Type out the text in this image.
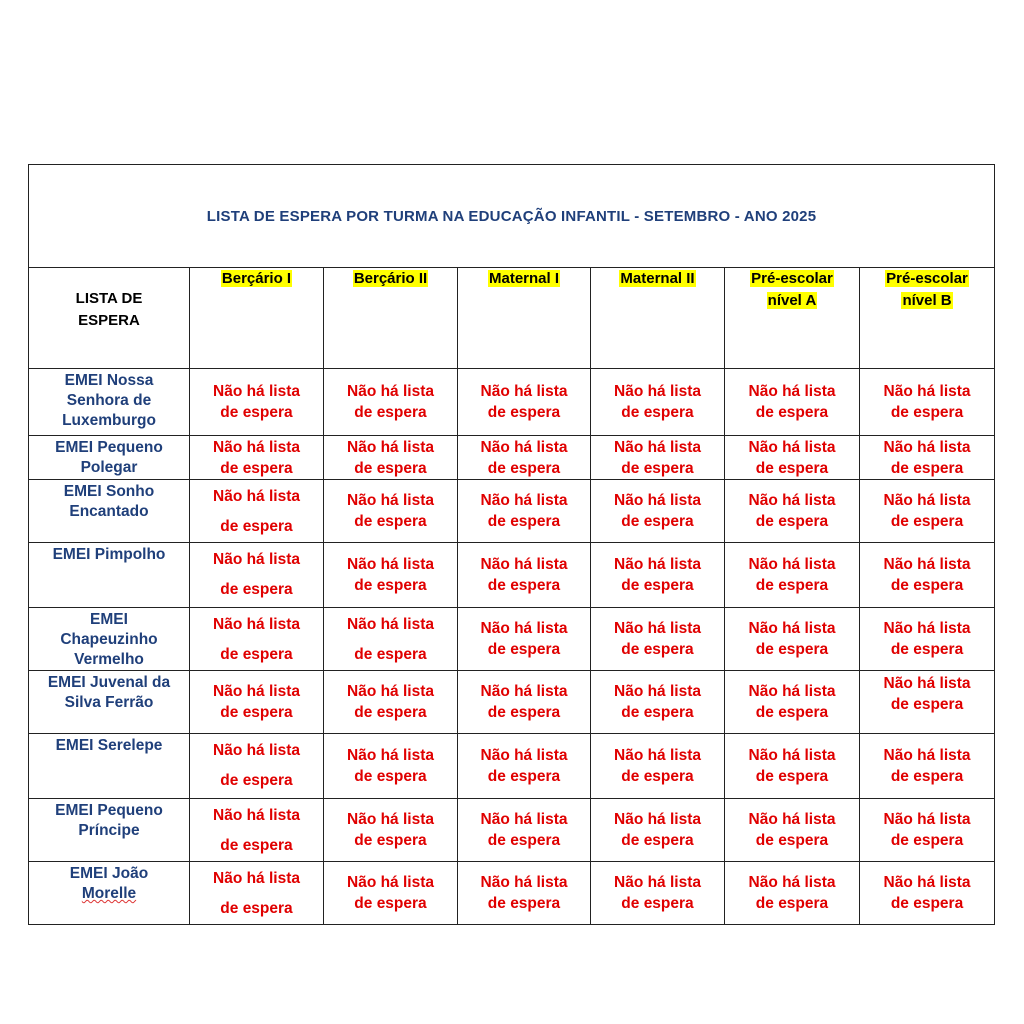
LISTA DE ESPERA POR TURMA NA EDUCAÇÃO INFANTIL - SETEMBRO - ANO 2025						
LISTA DE
ESPERA	Berçário I	Berçário II	Maternal I	Maternal II	Pré-escolar
nível A	Pré-escolar
nível B
EMEI Nossa
Senhora de
Luxemburgo	Não há lista
de espera	Não há lista
de espera	Não há lista
de espera	Não há lista
de espera	Não há lista
de espera	Não há lista
de espera
EMEI Pequeno
Polegar	Não há lista
de espera	Não há lista
de espera	Não há lista
de espera	Não há lista
de espera	Não há lista
de espera	Não há lista
de espera
EMEI Sonho
Encantado	Não há lista
de espera	Não há lista
de espera	Não há lista
de espera	Não há lista
de espera	Não há lista
de espera	Não há lista
de espera
EMEI Pimpolho	Não há lista
de espera	Não há lista
de espera	Não há lista
de espera	Não há lista
de espera	Não há lista
de espera	Não há lista
de espera
EMEI
Chapeuzinho
Vermelho	Não há lista
de espera	Não há lista
de espera	Não há lista
de espera	Não há lista
de espera	Não há lista
de espera	Não há lista
de espera
EMEI Juvenal da
Silva Ferrão	Não há lista
de espera	Não há lista
de espera	Não há lista
de espera	Não há lista
de espera	Não há lista
de espera	Não há lista
de espera
EMEI Serelepe	Não há lista
de espera	Não há lista
de espera	Não há lista
de espera	Não há lista
de espera	Não há lista
de espera	Não há lista
de espera
EMEI Pequeno
Príncipe	Não há lista
de espera	Não há lista
de espera	Não há lista
de espera	Não há lista
de espera	Não há lista
de espera	Não há lista
de espera
EMEI João
Morelle	Não há lista
de espera	Não há lista
de espera	Não há lista
de espera	Não há lista
de espera	Não há lista
de espera	Não há lista
de espera
